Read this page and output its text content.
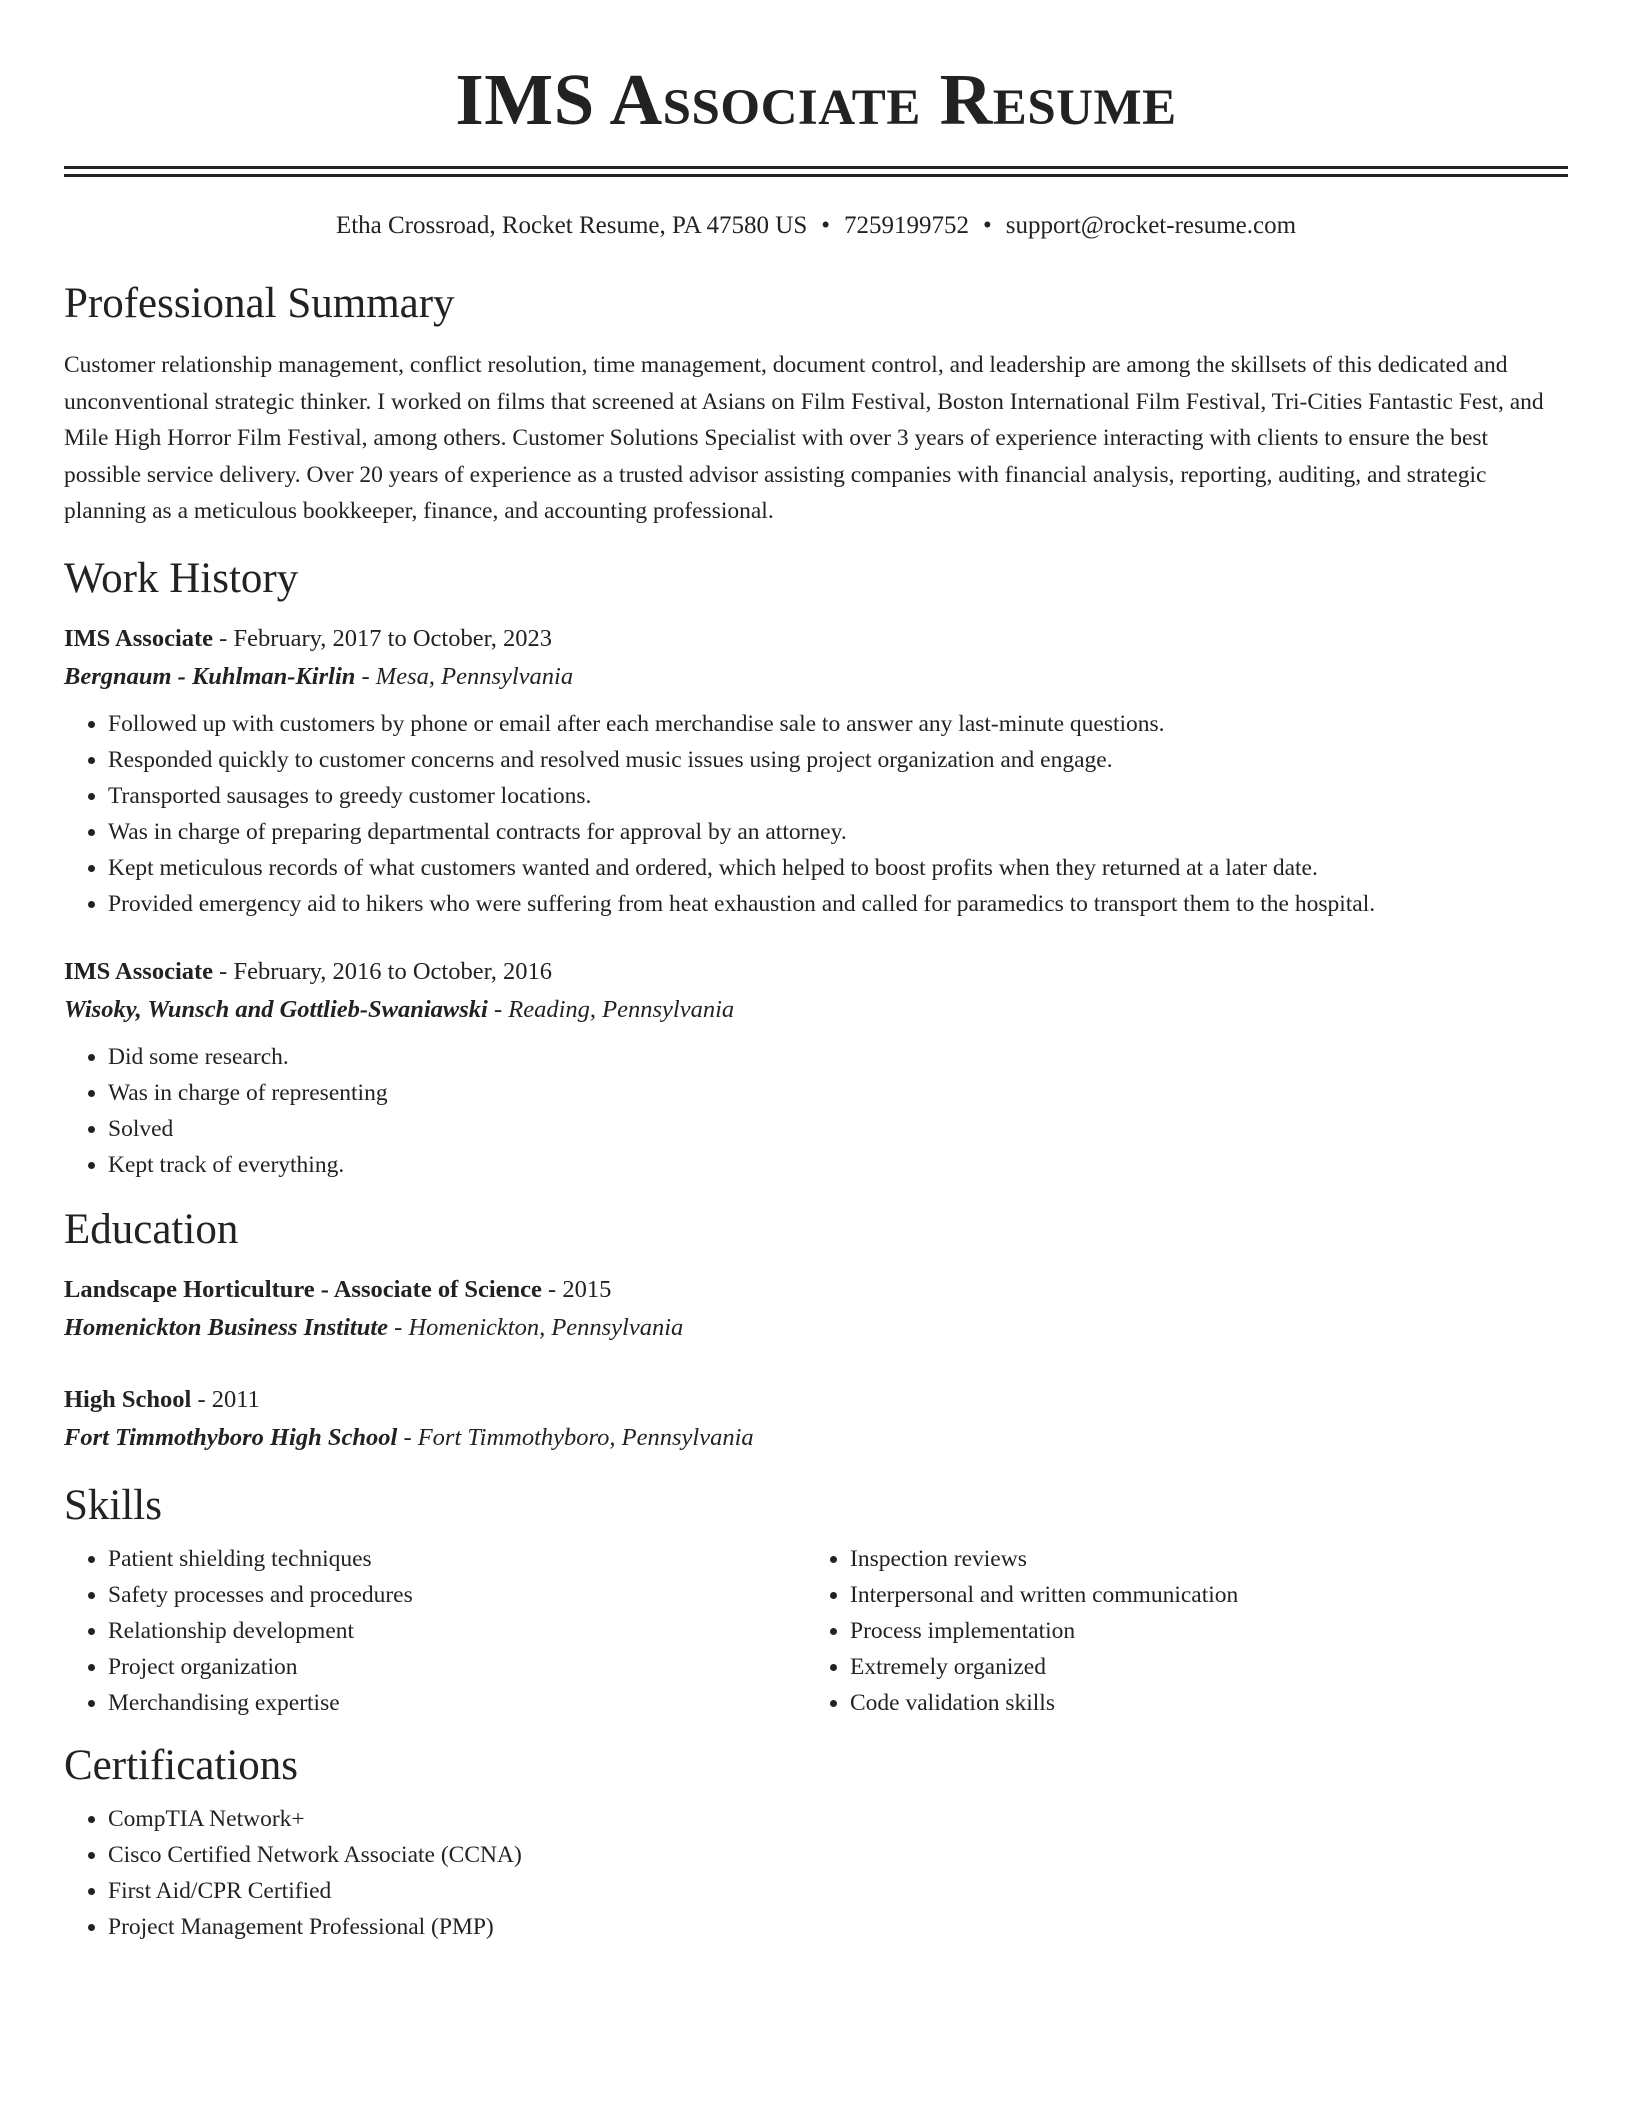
IMS Associate Resume
Etha Crossroad, Rocket Resume, PA 47580 US • 7259199752 • support@rocket-resume.com
Professional Summary

Customer relationship management, conflict resolution, time management, document control, and leadership are among the skillsets of this dedicated and unconventional strategic thinker. I worked on films that screened at Asians on Film Festival, Boston International Film Festival, Tri-Cities Fantastic Fest, and Mile High Horror Film Festival, among others. Customer Solutions Specialist with over 3 years of experience interacting with clients to ensure the best possible service delivery. Over 20 years of experience as a trusted advisor assisting companies with financial analysis, reporting, auditing, and strategic planning as a meticulous bookkeeper, finance, and accounting professional.

Work History
IMS Associate - February, 2017 to October, 2023
Bergnaum - Kuhlman-Kirlin - Mesa, Pennsylvania
• Followed up with customers by phone or email after each merchandise sale to answer any last-minute questions.
• Responded quickly to customer concerns and resolved music issues using project organization and engage.
• Transported sausages to greedy customer locations.
• Was in charge of preparing departmental contracts for approval by an attorney.
• Kept meticulous records of what customers wanted and ordered, which helped to boost profits when they returned at a later date.
• Provided emergency aid to hikers who were suffering from heat exhaustion and called for paramedics to transport them to the hospital.
IMS Associate - February, 2016 to October, 2016
Wisoky, Wunsch and Gottlieb-Swaniawski - Reading, Pennsylvania
• Did some research.
• Was in charge of representing
• Solved
• Kept track of everything.
Education
Landscape Horticulture - Associate of Science - 2015
Homenickton Business Institute - Homenickton, Pennsylvania
High School - 2011
Fort Timmothyboro High School - Fort Timmothyboro, Pennsylvania
Skills
• Patient shielding techniques
• Safety processes and procedures
• Relationship development
• Project organization
• Merchandising expertise
• Inspection reviews
• Interpersonal and written communication
• Process implementation
• Extremely organized
• Code validation skills
Certifications
• CompTIA Network+
• Cisco Certified Network Associate (CCNA)
• First Aid/CPR Certified
• Project Management Professional (PMP)
